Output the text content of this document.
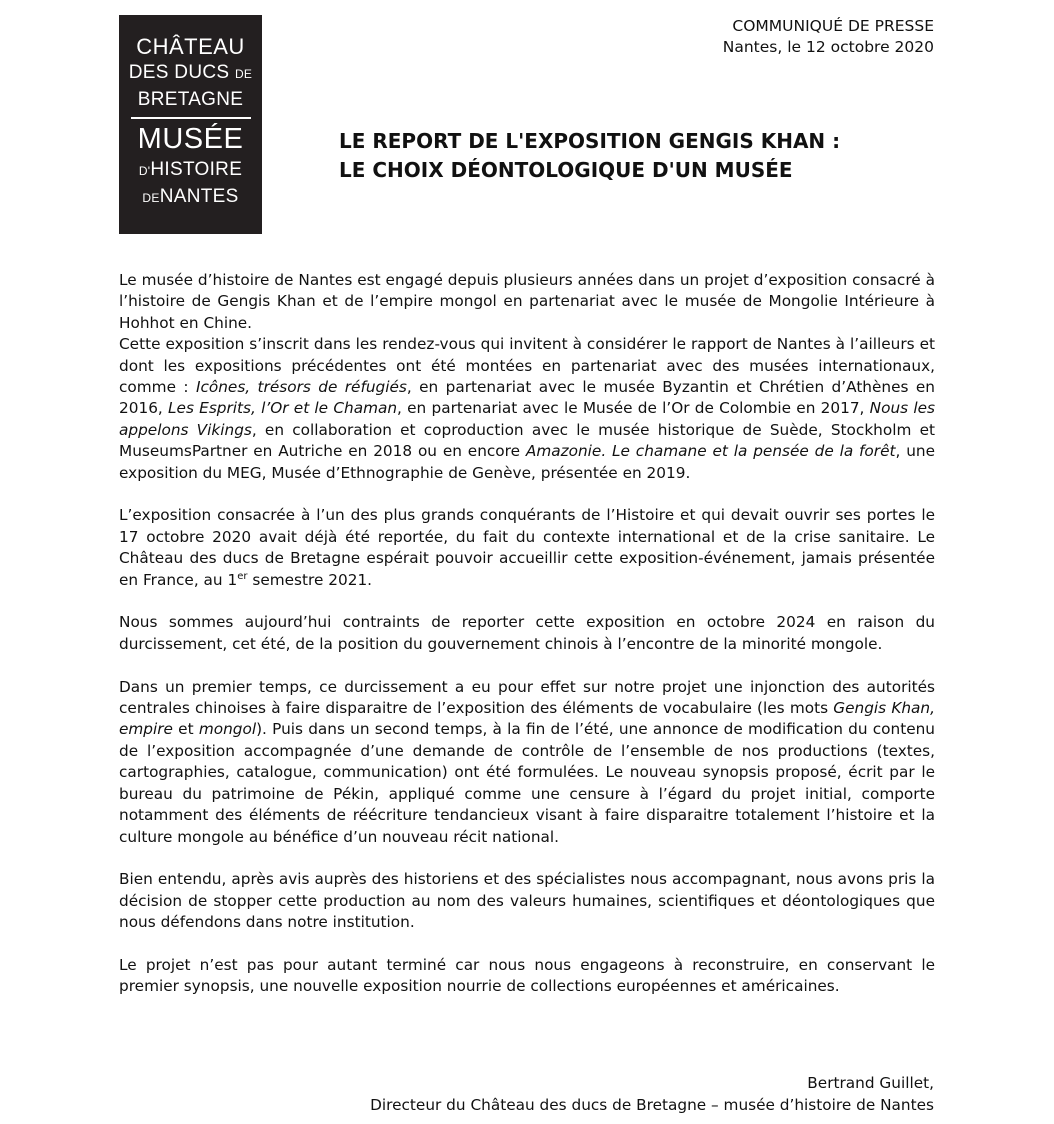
CHÂTEAU
DES DUCS DE
BRETAGNE
MUSÉE
D'HISTOIRE
DENANTES
COMMUNIQUÉ DE PRESSE
Nantes, le 12 octobre 2020
LE REPORT DE L'EXPOSITION GENGIS KHAN :
LE CHOIX DÉONTOLOGIQUE D'UN MUSÉE

Le musée d’histoire de Nantes est engagé depuis plusieurs années dans un projet d’exposition consacré à l’histoire de Gengis Khan et de l’empire mongol en partenariat avec le musée de Mongolie Intérieure à Hohhot en Chine.

Cette exposition s’inscrit dans les rendez-vous qui invitent à considérer le rapport de Nantes à l’ailleurs et dont les expositions précédentes ont été montées en partenariat avec des musées internationaux, comme : Icônes, trésors de réfugiés, en partenariat avec le musée Byzantin et Chrétien d’Athènes en 2016, Les Esprits, l’Or et le Chaman, en partenariat avec le Musée de l’Or de Colombie en 2017, Nous les appelons Vikings, en collaboration et coproduction avec le musée historique de Suède, Stockholm et MuseumsPartner en Autriche en 2018 ou en encore Amazonie. Le chamane et la pensée de la forêt, une exposition du MEG, Musée d’Ethnographie de Genève, présentée en 2019.

L’exposition consacrée à l’un des plus grands conquérants de l’Histoire et qui devait ouvrir ses portes le 17 octobre 2020 avait déjà été reportée, du fait du contexte international et de la crise sanitaire. Le Château des ducs de Bretagne espérait pouvoir accueillir cette exposition-événement, jamais présentée en France, au 1er semestre 2021.

Nous sommes aujourd’hui contraints de reporter cette exposition en octobre 2024 en raison du durcissement, cet été, de la position du gouvernement chinois à l’encontre de la minorité mongole.

Dans un premier temps, ce durcissement a eu pour effet sur notre projet une injonction des autorités centrales chinoises à faire disparaitre de l’exposition des éléments de vocabulaire (les mots Gengis Khan, empire et mongol). Puis dans un second temps, à la fin de l’été, une annonce de modification du contenu de l’exposition accompagnée d’une demande de contrôle de l’ensemble de nos productions (textes, cartographies, catalogue, communication) ont été formulées. Le nouveau synopsis proposé, écrit par le bureau du patrimoine de Pékin, appliqué comme une censure à l’égard du projet initial, comporte notamment des éléments de réécriture tendancieux visant à faire disparaitre totalement l’histoire et la culture mongole au bénéfice d’un nouveau récit national.

Bien entendu, après avis auprès des historiens et des spécialistes nous accompagnant, nous avons pris la décision de stopper cette production au nom des valeurs humaines, scientifiques et déontologiques que nous défendons dans notre institution.

Le projet n’est pas pour autant terminé car nous nous engageons à reconstruire, en conservant le premier synopsis, une nouvelle exposition nourrie de collections européennes et américaines.

Bertrand Guillet,
Directeur du Château des ducs de Bretagne – musée d’histoire de Nantes
